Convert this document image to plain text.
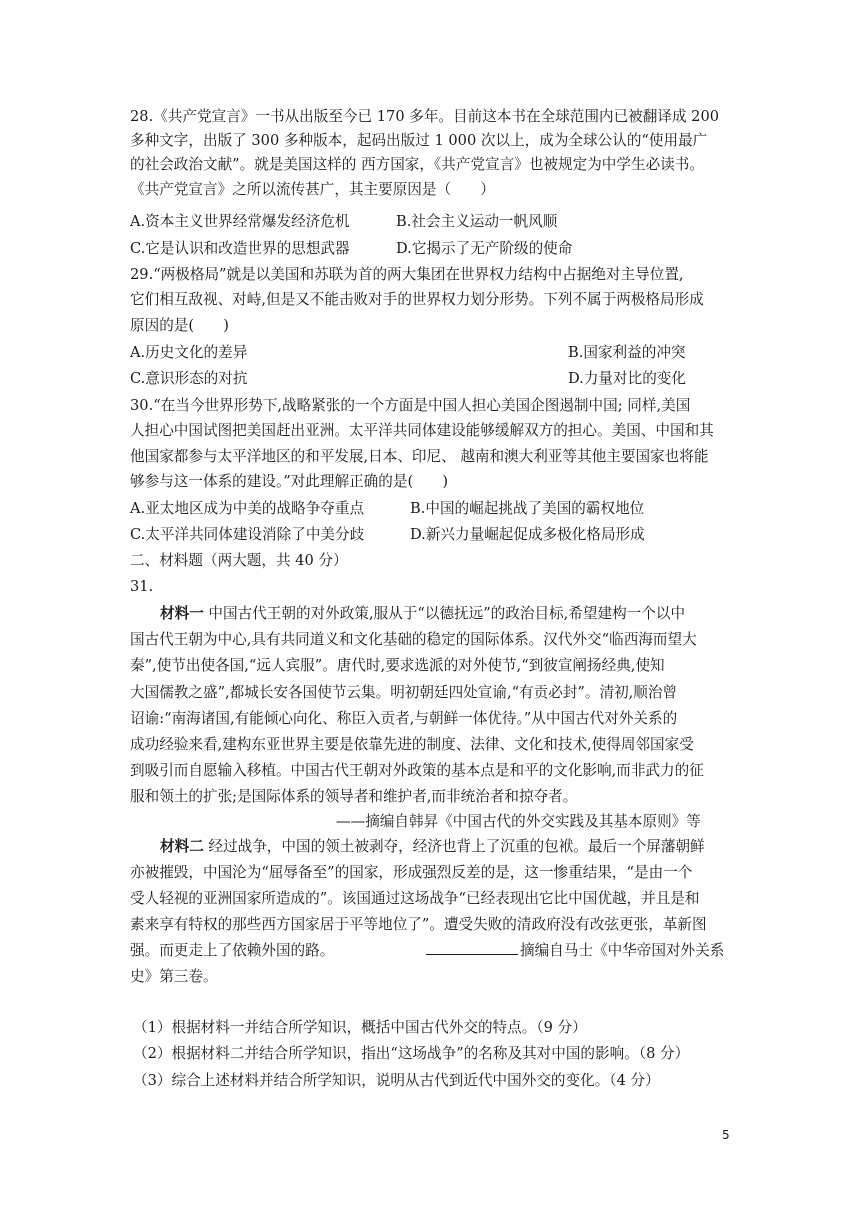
28.《共产党宣言》一书从出版至今已 170 多年。目前这本书在全球范围内已被翻译成 200
多种文字，出版了 300 多种版本，起码出版过 1 000 次以上，成为全球公认的“使用最广
的社会政治文献”。就是美国这样的 西方国家，《共产党宣言》也被规定为中学生必读书。
《共产党宣言》之所以流传甚广，其主要原因是（　　）
A.资本主义世界经常爆发经济危机	B.社会主义运动一帆风顺
C.它是认识和改造世界的思想武器	D.它揭示了无产阶级的使命
29.“两极格局”就是以美国和苏联为首的两大集团在世界权力结构中占据绝对主导位置,
它们相互敌视、对峙,但是又不能击败对手的世界权力划分形势。下列不属于两极格局形成
原因的是(　　)
A.历史文化的差异	B.国家利益的冲突
C.意识形态的对抗	D.力量对比的变化
30.“在当今世界形势下,战略紧张的一个方面是中国人担心美国企图遏制中国; 同样,美国
人担心中国试图把美国赶出亚洲。太平洋共同体建设能够缓解双方的担心。美国、中国和其
他国家都参与太平洋地区的和平发展,日本、印尼、 越南和澳大利亚等其他主要国家也将能
够参与这一体系的建设。”对此理解正确的是(　　)
A.亚太地区成为中美的战略争夺重点	B.中国的崛起挑战了美国的霸权地位
C.太平洋共同体建设消除了中美分歧	D.新兴力量崛起促成多极化格局形成
二、材料题（两大题，共 40 分）
31.
材料一 中国古代王朝的对外政策,服从于“以德抚远”的政治目标,希望建构一个以中
国古代王朝为中心,具有共同道义和文化基础的稳定的国际体系。汉代外交“临西海而望大
秦”,使节出使各国,“远人宾服”。唐代时,要求选派的对外使节,“到彼宣阐扬经典,使知
大国儒教之盛”,都城长安各国使节云集。明初朝廷四处宣谕,“有贡必封”。清初,顺治曾
诏谕:“南海诸国,有能倾心向化、称臣入贡者,与朝鲜一体优待。”从中国古代对外关系的
成功经验来看,建构东亚世界主要是依靠先进的制度、法律、文化和技术,使得周邻国家受
到吸引而自愿输入移植。中国古代王朝对外政策的基本点是和平的文化影响,而非武力的征
服和领土的扩张;是国际体系的领导者和维护者,而非统治者和掠夺者。
——摘编自韩昇《中国古代的外交实践及其基本原则》等
材料二 经过战争，中国的领土被剥夺，经济也背上了沉重的包袱。最后一个屏藩朝鲜
亦被摧毁，中国沦为“屈辱备至”的国家，形成强烈反差的是，这一惨重结果，“是由一个
受人轻视的亚洲国家所造成的”。该国通过这场战争“已经表现出它比中国优越，并且是和
素来享有特权的那些西方国家居于平等地位了”。遭受失败的清政府没有改弦更张，革新图
强。而更走上了依赖外国的路。	摘编自马士《中华帝国对外关系
史》第三卷。
（1）根据材料一并结合所学知识，概括中国古代外交的特点。（9 分）
（2）根据材料二并结合所学知识，指出“这场战争”的名称及其对中国的影响。（8 分）
（3）综合上述材料并结合所学知识，说明从古代到近代中国外交的变化。（4 分）
5
